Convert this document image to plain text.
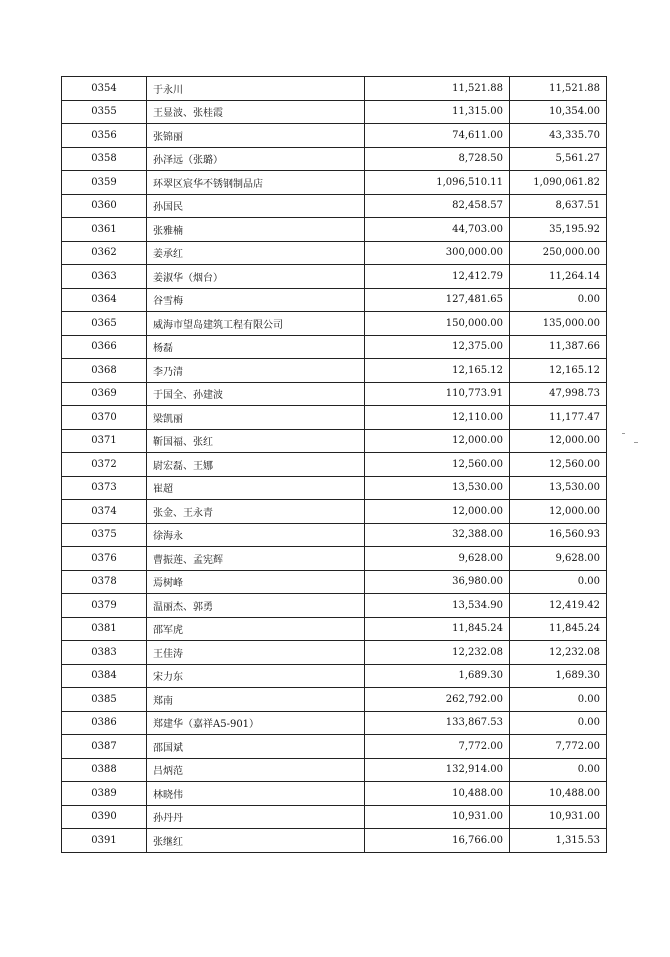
0354	于永川	11,521.88	11,521.88
0355	王显波、张桂霞	11,315.00	10,354.00
0356	张锦丽	74,611.00	43,335.70
0358	孙泽远（张璐）	8,728.50	5,561.27
0359	环翠区宸华不锈钢制品店	1,096,510.11	1,090,061.82
0360	孙国民	82,458.57	8,637.51
0361	张雅楠	44,703.00	35,195.92
0362	姜承红	300,000.00	250,000.00
0363	姜淑华（烟台）	12,412.79	11,264.14
0364	谷雪梅	127,481.65	0.00
0365	威海市望岛建筑工程有限公司	150,000.00	135,000.00
0366	杨磊	12,375.00	11,387.66
0368	李乃清	12,165.12	12,165.12
0369	于国全、孙建波	110,773.91	47,998.73
0370	梁凯丽	12,110.00	11,177.47
0371	靳国福、张红	12,000.00	12,000.00
0372	尉宏磊、王娜	12,560.00	12,560.00
0373	崔超	13,530.00	13,530.00
0374	张金、王永青	12,000.00	12,000.00
0375	徐海永	32,388.00	16,560.93
0376	曹振莲、孟宪辉	9,628.00	9,628.00
0378	焉树峰	36,980.00	0.00
0379	温丽杰、郭勇	13,534.90	12,419.42
0381	邵军虎	11,845.24	11,845.24
0383	王佳涛	12,232.08	12,232.08
0384	宋力东	1,689.30	1,689.30
0385	郑南	262,792.00	0.00
0386	郑建华（嘉祥A5-901）	133,867.53	0.00
0387	邵国斌	7,772.00	7,772.00
0388	吕炳范	132,914.00	0.00
0389	林晓伟	10,488.00	10,488.00
0390	孙丹丹	10,931.00	10,931.00
0391	张继红	16,766.00	1,315.53
